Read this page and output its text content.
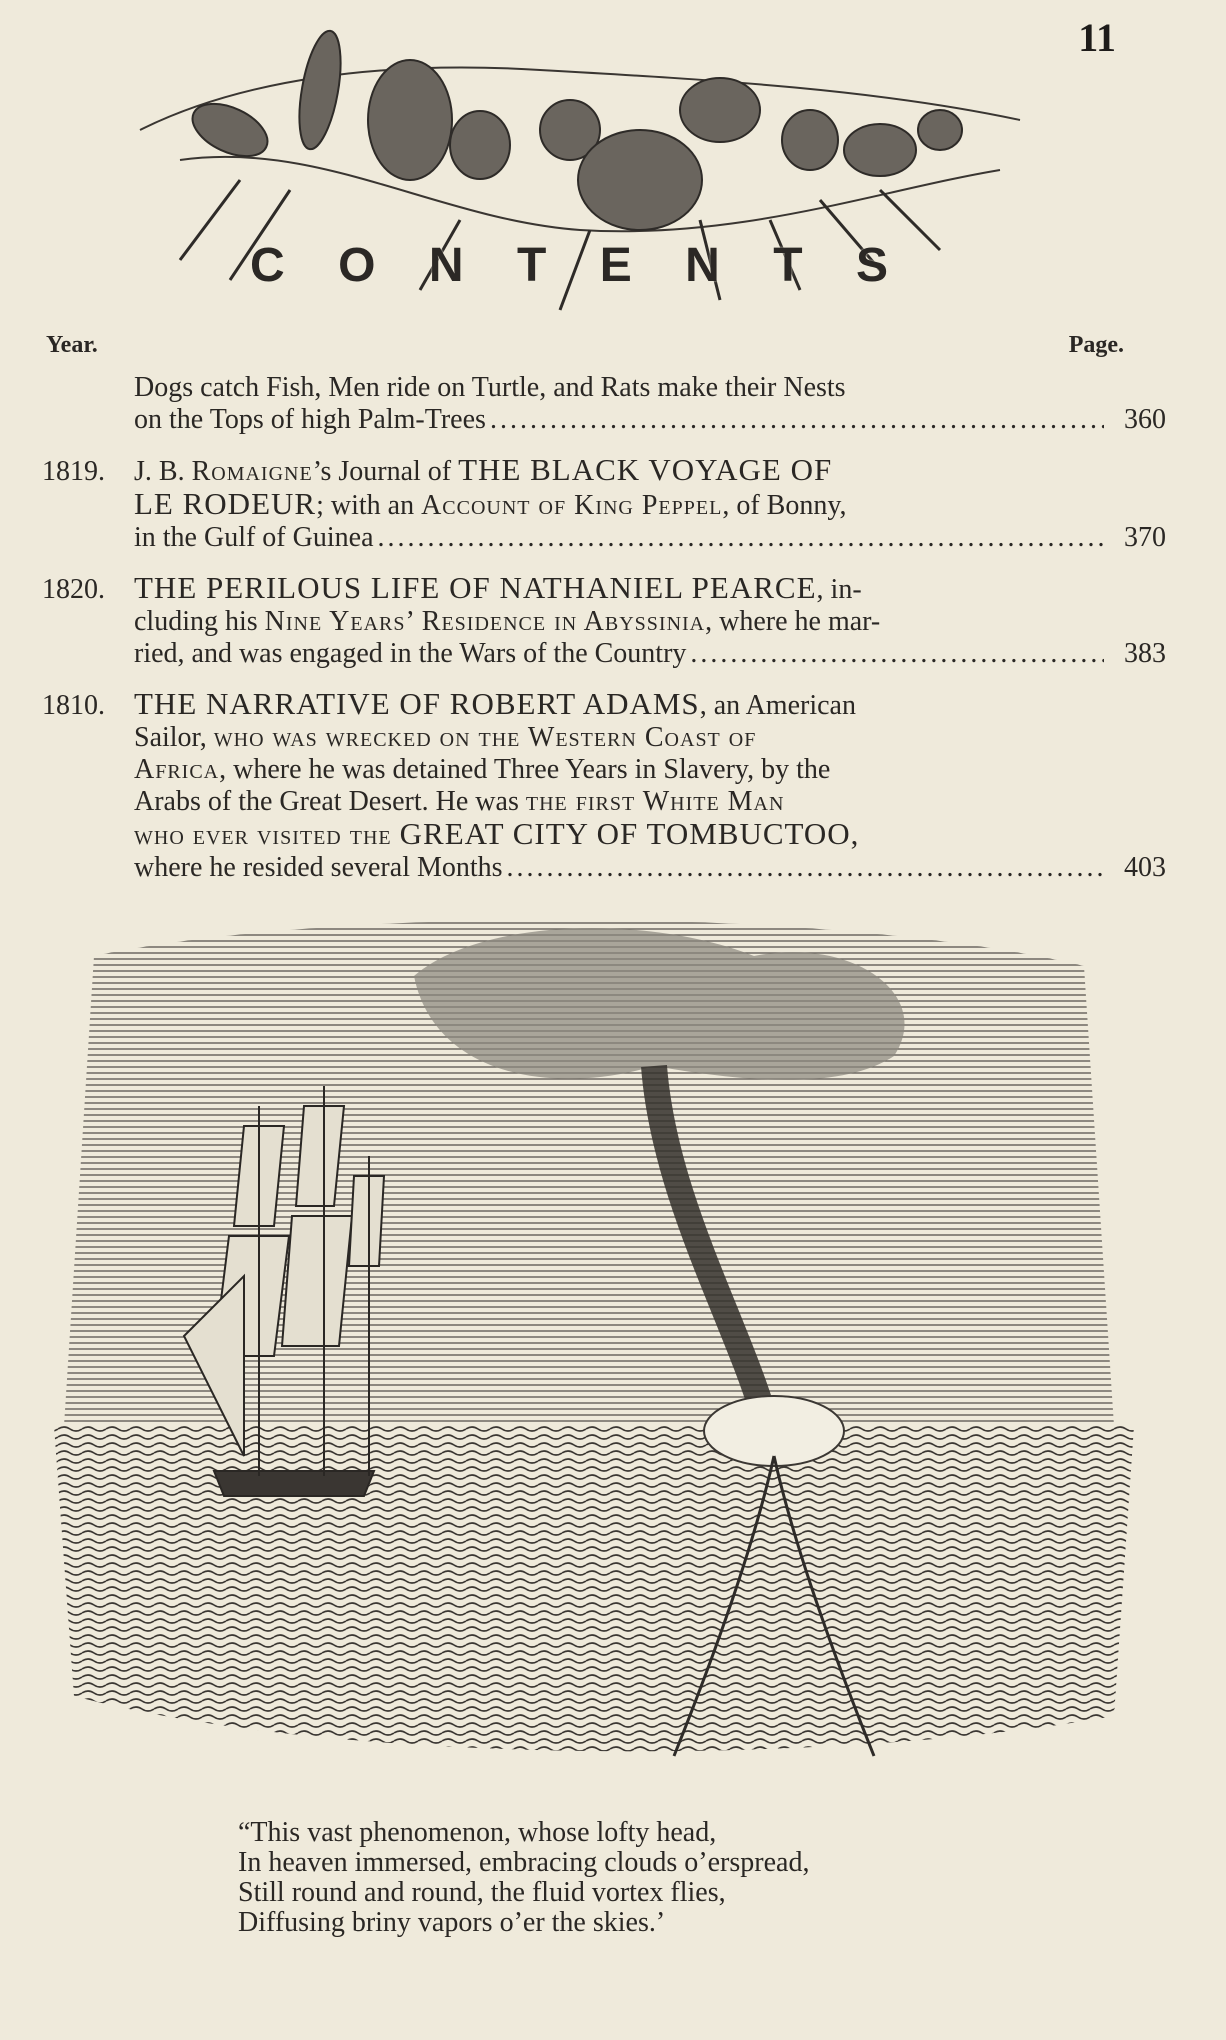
11
C O N T E N T S
Year.	Page.
Dogs catch Fish, Men ride on Turtle, and Rats make their Nests
on the Tops of high Palm-Trees .....	360
1819. J. B. Romaigne’s Journal of THE BLACK VOYAGE OF
LE RODEUR; with an Account of King Peppel, of Bonny,
in the Gulf of Guinea .....	370
1820. THE PERILOUS LIFE OF NATHANIEL PEARCE, in-
cluding his Nine Years’ Residence in Abyssinia, where he mar-
ried, and was engaged in the Wars of the Country .....	383
1810. THE NARRATIVE OF ROBERT ADAMS, an American
Sailor, who was wrecked on the Western Coast of
Africa, where he was detained Three Years in Slavery, by the
Arabs of the Great Desert. He was the first White Man
who ever visited the GREAT CITY OF TOMBUCTOO,
where he resided several Months .....	403
“This vast phenomenon, whose lofty head,
In heaven immersed, embracing clouds o’erspread,
Still round and round, the fluid vortex flies,
Diffusing briny vapors o’er the skies.’
